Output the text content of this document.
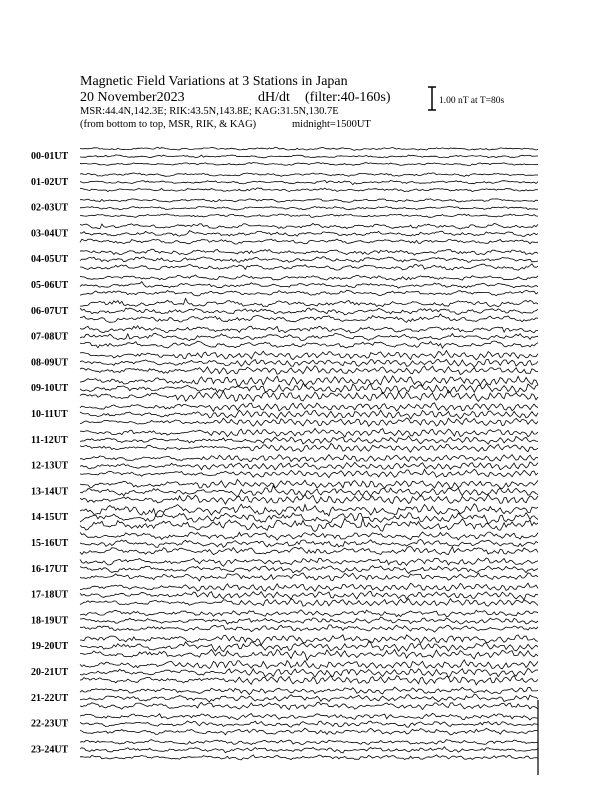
Magnetic Field Variations at 3 Stations in Japan
20 November2023	dH/dt (filter:40-160s)
MSR:44.4N,142.3E; RIK:43.5N,143.8E; KAG:31.5N,130.7E
(from bottom to top, MSR, RIK, & KAG)	midnight=1500UT
1.00 nT at T=80s
00-01UT
01-02UT
02-03UT
03-04UT
04-05UT
05-06UT
06-07UT
07-08UT
08-09UT
09-10UT
10-11UT
11-12UT
12-13UT
13-14UT
14-15UT
15-16UT
16-17UT
17-18UT
18-19UT
19-20UT
20-21UT
21-22UT
22-23UT
23-24UT
